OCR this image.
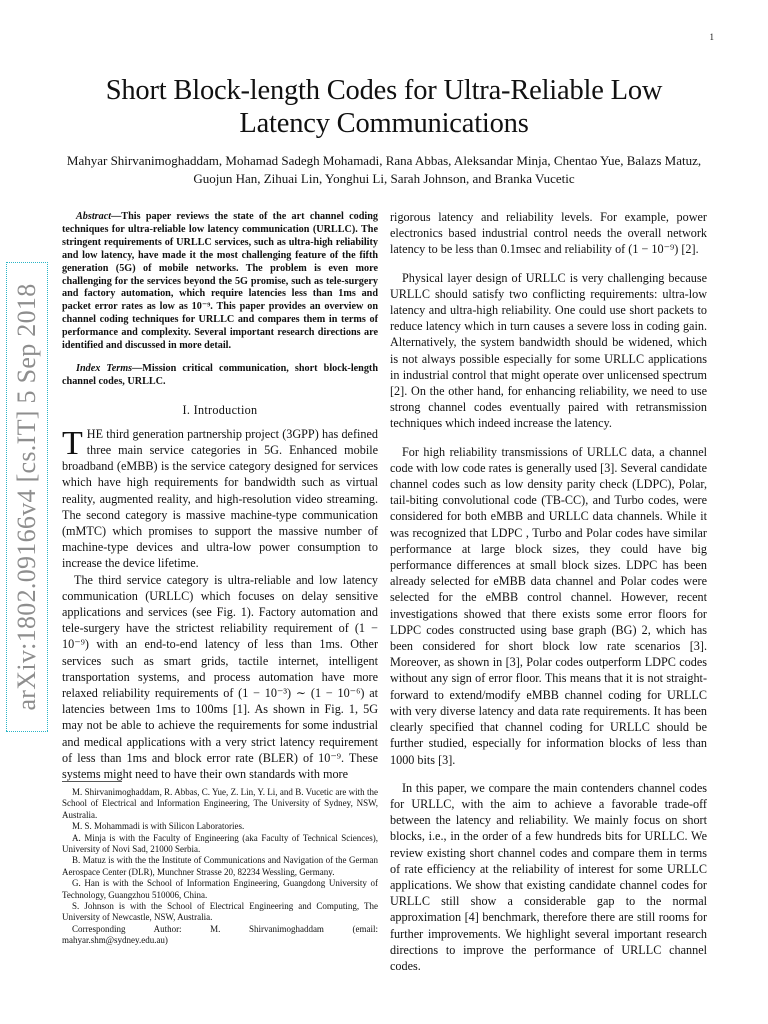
1
Short Block-length Codes for Ultra-Reliable Low Latency Communications
Mahyar Shirvanimoghaddam, Mohamad Sadegh Mohamadi, Rana Abbas, Aleksandar Minja, Chentao Yue, Balazs Matuz, Guojun Han, Zihuai Lin, Yonghui Li, Sarah Johnson, and Branka Vucetic
arXiv:1802.09166v4 [cs.IT] 5 Sep 2018

Abstract—This paper reviews the state of the art channel coding techniques for ultra-reliable low latency communication (URLLC). The stringent requirements of URLLC services, such as ultra-high reliability and low latency, have made it the most challenging feature of the fifth generation (5G) of mobile networks. The problem is even more challenging for the services beyond the 5G promise, such as tele-surgery and factory automation, which require latencies less than 1ms and packet error rates as low as 10⁻⁹. This paper provides an overview on channel coding techniques for URLLC and compares them in terms of performance and complexity. Several important research directions are identified and discussed in more detail.

Index Terms—Mission critical communication, short block-length channel codes, URLLC.

I. Introduction

THE third generation partnership project (3GPP) has defined three main service categories in 5G. Enhanced mobile broadband (eMBB) is the service category designed for services which have high requirements for bandwidth such as virtual reality, augmented reality, and high-resolution video streaming. The second category is massive machine-type communication (mMTC) which promises to support the massive number of machine-type devices and ultra-low power consumption to increase the device lifetime.

The third service category is ultra-reliable and low latency communication (URLLC) which focuses on delay sensitive applications and services (see Fig. 1). Factory automation and tele-surgery have the strictest reliability requirement of (1 − 10⁻⁹) with an end-to-end latency of less than 1ms. Other services such as smart grids, tactile internet, intelligent transportation systems, and process automation have more relaxed reliability requirements of (1 − 10⁻³) ∼ (1 − 10⁻⁶) at latencies between 1ms to 100ms [1]. As shown in Fig. 1, 5G may not be able to achieve the requirements for some industrial and medical applications with a very strict latency requirement of less than 1ms and block error rate (BLER) of 10⁻⁹. These systems might need to have their own standards with more

M. Shirvanimoghaddam, R. Abbas, C. Yue, Z. Lin, Y. Li, and B. Vucetic are with the School of Electrical and Information Engineering, The University of Sydney, NSW, Australia.

M. S. Mohammadi is with Silicon Laboratories.

A. Minja is with the Faculty of Engineering (aka Faculty of Technical Sciences), University of Novi Sad, 21000 Serbia.

B. Matuz is with the the Institute of Communications and Navigation of the German Aerospace Center (DLR), Munchner Strasse 20, 82234 Wessling, Germany.

G. Han is with the School of Information Engineering, Guangdong University of Technology, Guangzhou 510006, China.

S. Johnson is with the School of Electrical Engineering and Computing, The University of Newcastle, NSW, Australia.

Corresponding Author: M. Shirvanimoghaddam (email: mahyar.shm@sydney.edu.au)

rigorous latency and reliability levels. For example, power electronics based industrial control needs the overall network latency to be less than 0.1msec and reliability of (1 − 10⁻⁹) [2].

Physical layer design of URLLC is very challenging because URLLC should satisfy two conflicting requirements: ultra-low latency and ultra-high reliability. One could use short packets to reduce latency which in turn causes a severe loss in coding gain. Alternatively, the system bandwidth should be widened, which is not always possible especially for some URLLC applications in industrial control that might operate over unlicensed spectrum [2]. On the other hand, for enhancing reliability, we need to use strong channel codes eventually paired with retransmission techniques which indeed increase the latency.

For high reliability transmissions of URLLC data, a channel code with low code rates is generally used [3]. Several candidate channel codes such as low density parity check (LDPC), Polar, tail-biting convolutional code (TB-CC), and Turbo codes, were considered for both eMBB and URLLC data channels. While it was recognized that LDPC , Turbo and Polar codes have similar performance at large block sizes, they could have big performance differences at small block sizes. LDPC has been already selected for eMBB data channel and Polar codes were selected for the eMBB control channel. However, recent investigations showed that there exists some error floors for LDPC codes constructed using base graph (BG) 2, which has been considered for short block low rate scenarios [3]. Moreover, as shown in [3], Polar codes outperform LDPC codes without any sign of error floor. This means that it is not straight-forward to extend/modify eMBB channel coding for URLLC with very diverse latency and data rate requirements. It has been clearly specified that channel coding for URLLC should be further studied, especially for information blocks of less than 1000 bits [3].

In this paper, we compare the main contenders channel codes for URLLC, with the aim to achieve a favorable trade-off between the latency and reliability. We mainly focus on short blocks, i.e., in the order of a few hundreds bits for URLLC. We review existing short channel codes and compare them in terms of rate efficiency at the reliability of interest for some URLLC applications. We show that existing candidate channel codes for URLLC still show a considerable gap to the normal approximation [4] benchmark, therefore there are still rooms for further improvements. We highlight several important research directions to improve the performance of URLLC channel codes.
